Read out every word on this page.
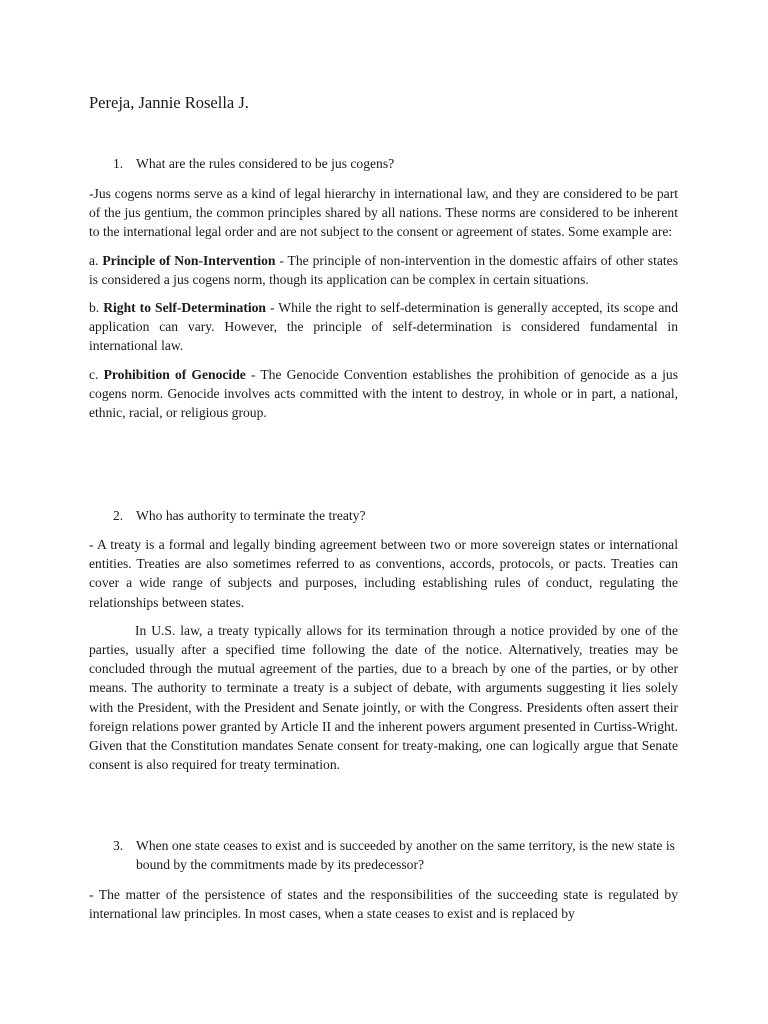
Pereja, Jannie Rosella J.
1. What are the rules considered to be jus cogens?

-Jus cogens norms serve as a kind of legal hierarchy in international law, and they are considered to be part of the jus gentium, the common principles shared by all nations. These norms are considered to be inherent to the international legal order and are not subject to the consent or agreement of states. Some example are:

a. Principle of Non-Intervention - The principle of non-intervention in the domestic affairs of other states is considered a jus cogens norm, though its application can be complex in certain situations.

b. Right to Self-Determination - While the right to self-determination is generally accepted, its scope and application can vary. However, the principle of self-determination is considered fundamental in international law.

c. Prohibition of Genocide - The Genocide Convention establishes the prohibition of genocide as a jus cogens norm. Genocide involves acts committed with the intent to destroy, in whole or in part, a national, ethnic, racial, or religious group.

2. Who has authority to terminate the treaty?

- A treaty is a formal and legally binding agreement between two or more sovereign states or international entities. Treaties are also sometimes referred to as conventions, accords, protocols, or pacts. Treaties can cover a wide range of subjects and purposes, including establishing rules of conduct, regulating the relationships between states.

In U.S. law, a treaty typically allows for its termination through a notice provided by one of the parties, usually after a specified time following the date of the notice. Alternatively, treaties may be concluded through the mutual agreement of the parties, due to a breach by one of the parties, or by other means. The authority to terminate a treaty is a subject of debate, with arguments suggesting it lies solely with the President, with the President and Senate jointly, or with the Congress. Presidents often assert their foreign relations power granted by Article II and the inherent powers argument presented in Curtiss-Wright. Given that the Constitution mandates Senate consent for treaty-making, one can logically argue that Senate consent is also required for treaty termination.

3. When one state ceases to exist and is succeeded by another on the same territory, is the new state is bound by the commitments made by its predecessor?

- The matter of the persistence of states and the responsibilities of the succeeding state is regulated by international law principles. In most cases, when a state ceases to exist and is replaced by
